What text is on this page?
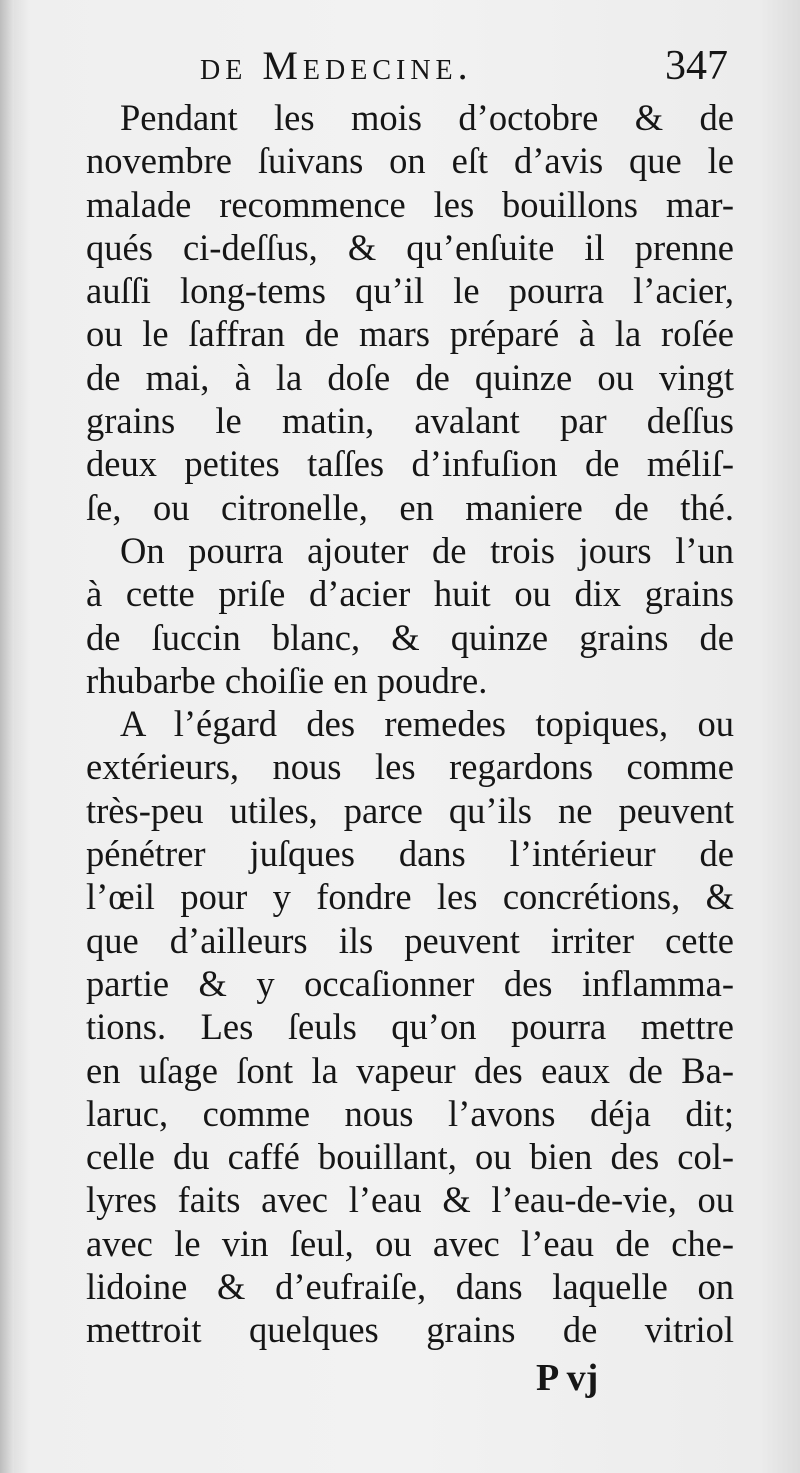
de Medecine.	347
Pendant les mois d’octobre & de
novembre ſuivans on eſt d’avis que le
malade recommence les bouillons mar-
qués ci-deſſus, & qu’enſuite il prenne
auſſi long-tems qu’il le pourra l’acier,
ou le ſaffran de mars préparé à la roſée
de mai, à la doſe de quinze ou vingt
grains le matin, avalant par deſſus
deux petites taſſes d’infuſion de méliſ-
ſe, ou citronelle, en maniere de thé.
On pourra ajouter de trois jours l’un
à cette priſe d’acier huit ou dix grains
de ſuccin blanc, & quinze grains de
rhubarbe choiſie en poudre.
A l’égard des remedes topiques, ou
extérieurs, nous les regardons comme
très-peu utiles, parce qu’ils ne peuvent
pénétrer juſques dans l’intérieur de
l’œil pour y fondre les concrétions, &
que d’ailleurs ils peuvent irriter cette
partie & y occaſionner des inflamma-
tions. Les ſeuls qu’on pourra mettre
en uſage ſont la vapeur des eaux de Ba-
laruc, comme nous l’avons déja dit;
celle du caffé bouillant, ou bien des col-
lyres faits avec l’eau & l’eau-de-vie, ou
avec le vin ſeul, ou avec l’eau de che-
lidoine & d’eufraiſe, dans laquelle on
mettroit quelques grains de vitriol
P vj
